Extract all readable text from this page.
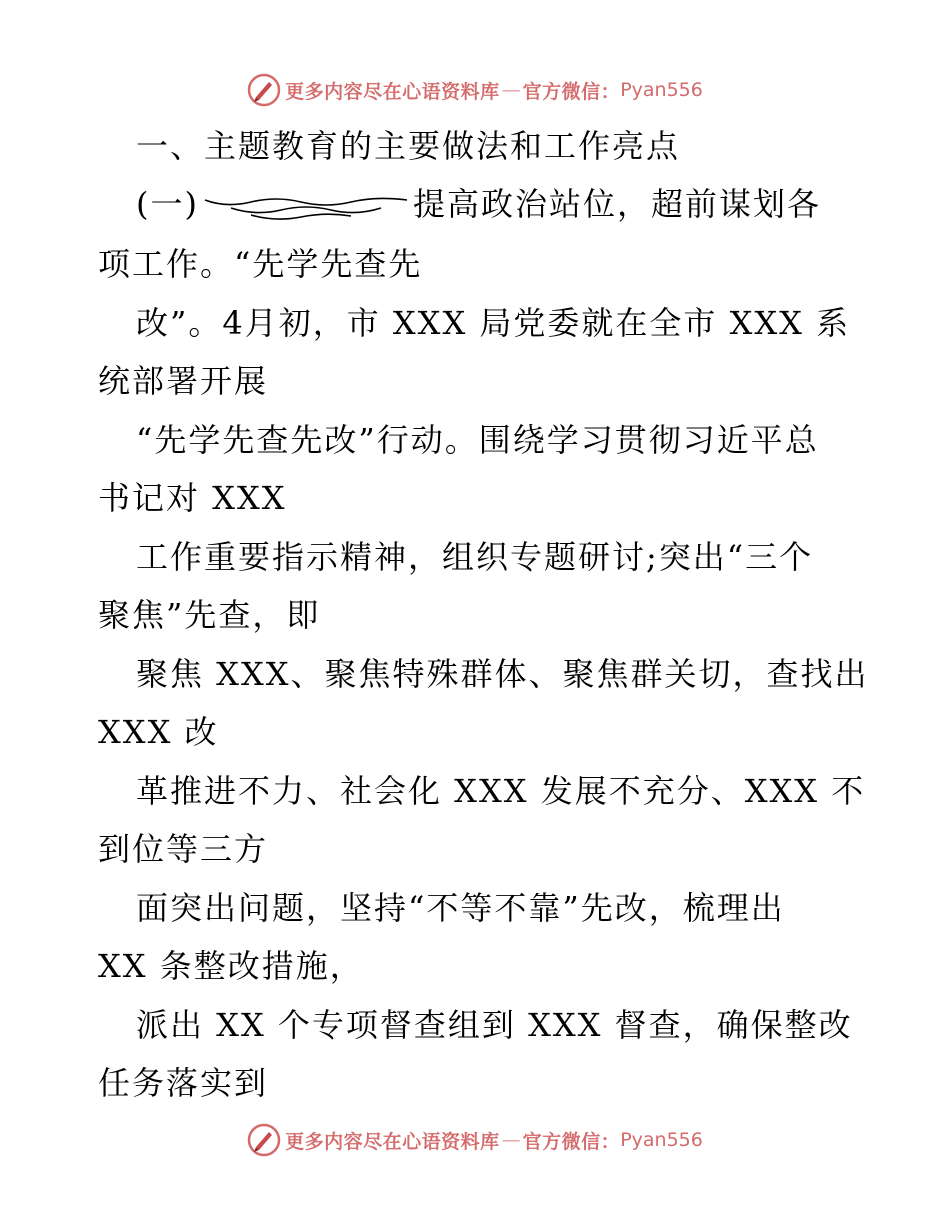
更多内容尽在心语资料库 — 官方微信： Pyan556
一、主题教育的主要做法和工作亮点
(一)	提高政治站位，超前谋划各
项工作。“先学先查先
改”。4月初，市 XXX 局党委就在全市 XXX 系
统部署开展
“先学先查先改”行动。围绕学习贯彻习近平总
书记对 XXX
工作重要指示精神，组织专题研讨;突出“三个
聚焦”先查，即
聚焦 XXX、聚焦特殊群体、聚焦群关切，查找出
XXX 改
革推进不力、社会化 XXX 发展不充分、XXX 不
到位等三方
面突出问题，坚持“不等不靠”先改，梳理出
XX 条整改措施，
派出 XX 个专项督查组到 XXX 督查，确保整改
任务落实到
更多内容尽在心语资料库 — 官方微信： Pyan556
